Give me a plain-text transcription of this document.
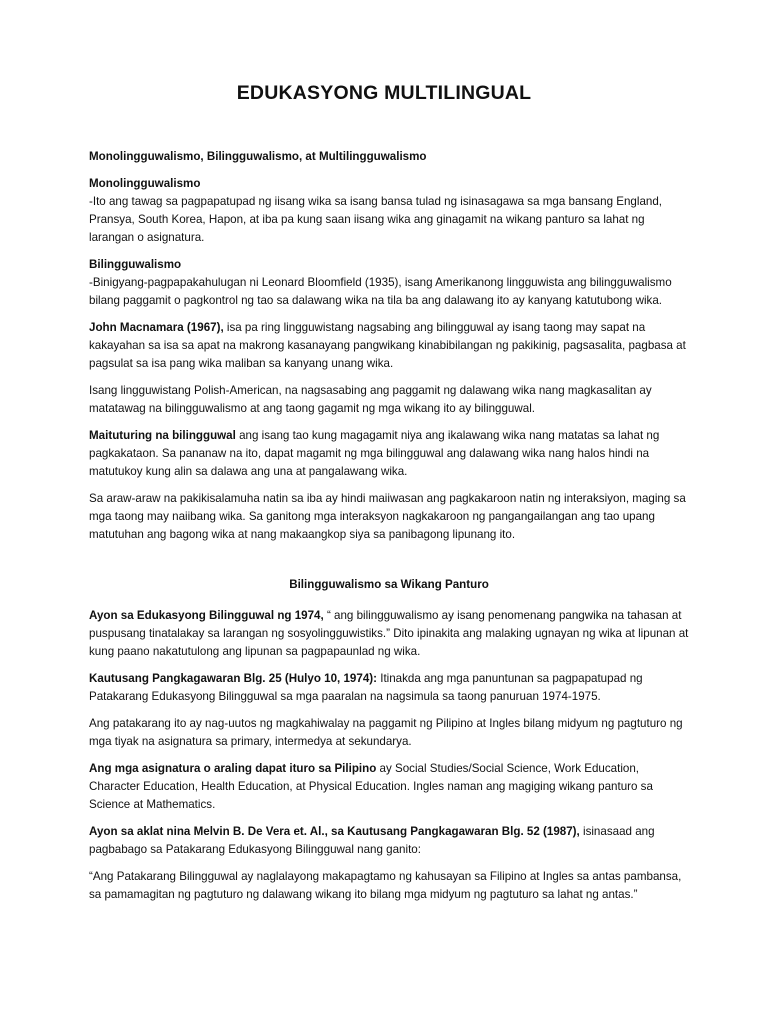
EDUKASYONG MULTILINGUAL

Monolingguwalismo, Bilingguwalismo, at Multilingguwalismo

Monolingguwalismo
-Ito ang tawag sa pagpapatupad ng iisang wika sa isang bansa tulad ng isinasagawa sa mga bansang England, Pransya, South Korea, Hapon, at iba pa kung saan iisang wika ang ginagamit na wikang panturo sa lahat ng larangan o asignatura.

Bilingguwalismo
-Binigyang-pagpapakahulugan ni Leonard Bloomfield (1935), isang Amerikanong lingguwista ang bilingguwalismo bilang paggamit o pagkontrol ng tao sa dalawang wika na tila ba ang dalawang ito ay kanyang katutubong wika.

John Macnamara (1967), isa pa ring lingguwistang nagsabing ang bilingguwal ay isang taong may sapat na kakayahan sa isa sa apat na makrong kasanayang pangwikang kinabibilangan ng pakikinig, pagsasalita, pagbasa at pagsulat sa isa pang wika maliban sa kanyang unang wika.

Isang lingguwistang Polish-American, na nagsasabing ang paggamit ng dalawang wika nang magkasalitan ay matatawag na bilingguwalismo at ang taong gagamit ng mga wikang ito ay bilingguwal.

Maituturing na bilingguwal ang isang tao kung magagamit niya ang ikalawang wika nang matatas sa lahat ng pagkakataon. Sa pananaw na ito, dapat magamit ng mga bilingguwal ang dalawang wika nang halos hindi na matutukoy kung alin sa dalawa ang una at pangalawang wika.

Sa araw-araw na pakikisalamuha natin sa iba ay hindi maiiwasan ang pagkakaroon natin ng interaksiyon, maging sa mga taong may naiibang wika. Sa ganitong mga interaksyon nagkakaroon ng pangangailangan ang tao upang matutuhan ang bagong wika at nang makaangkop siya sa panibagong lipunang ito.

Bilingguwalismo sa Wikang Panturo

Ayon sa Edukasyong Bilingguwal ng 1974, “ ang bilingguwalismo ay isang penomenang pangwika na tahasan at puspusang tinatalakay sa larangan ng sosyolingguwistiks.” Dito ipinakita ang malaking ugnayan ng wika at lipunan at kung paano nakatutulong ang lipunan sa pagpapaunlad ng wika.

Kautusang Pangkagawaran Blg. 25 (Hulyo 10, 1974): Itinakda ang mga panuntunan sa pagpapatupad ng Patakarang Edukasyong Bilingguwal sa mga paaralan na nagsimula sa taong panuruan 1974-1975.

Ang patakarang ito ay nag-uutos ng magkahiwalay na paggamit ng Pilipino at Ingles bilang midyum ng pagtuturo ng mga tiyak na asignatura sa primary, intermedya at sekundarya.

Ang mga asignatura o araling dapat ituro sa Pilipino ay Social Studies/Social Science, Work Education, Character Education, Health Education, at Physical Education. Ingles naman ang magiging wikang panturo sa Science at Mathematics.

Ayon sa aklat nina Melvin B. De Vera et. Al., sa Kautusang Pangkagawaran Blg. 52 (1987), isinasaad ang pagbabago sa Patakarang Edukasyong Bilingguwal nang ganito:

“Ang Patakarang Bilingguwal ay naglalayong makapagtamo ng kahusayan sa Filipino at Ingles sa antas pambansa, sa pamamagitan ng pagtuturo ng dalawang wikang ito bilang mga midyum ng pagtuturo sa lahat ng antas.”
